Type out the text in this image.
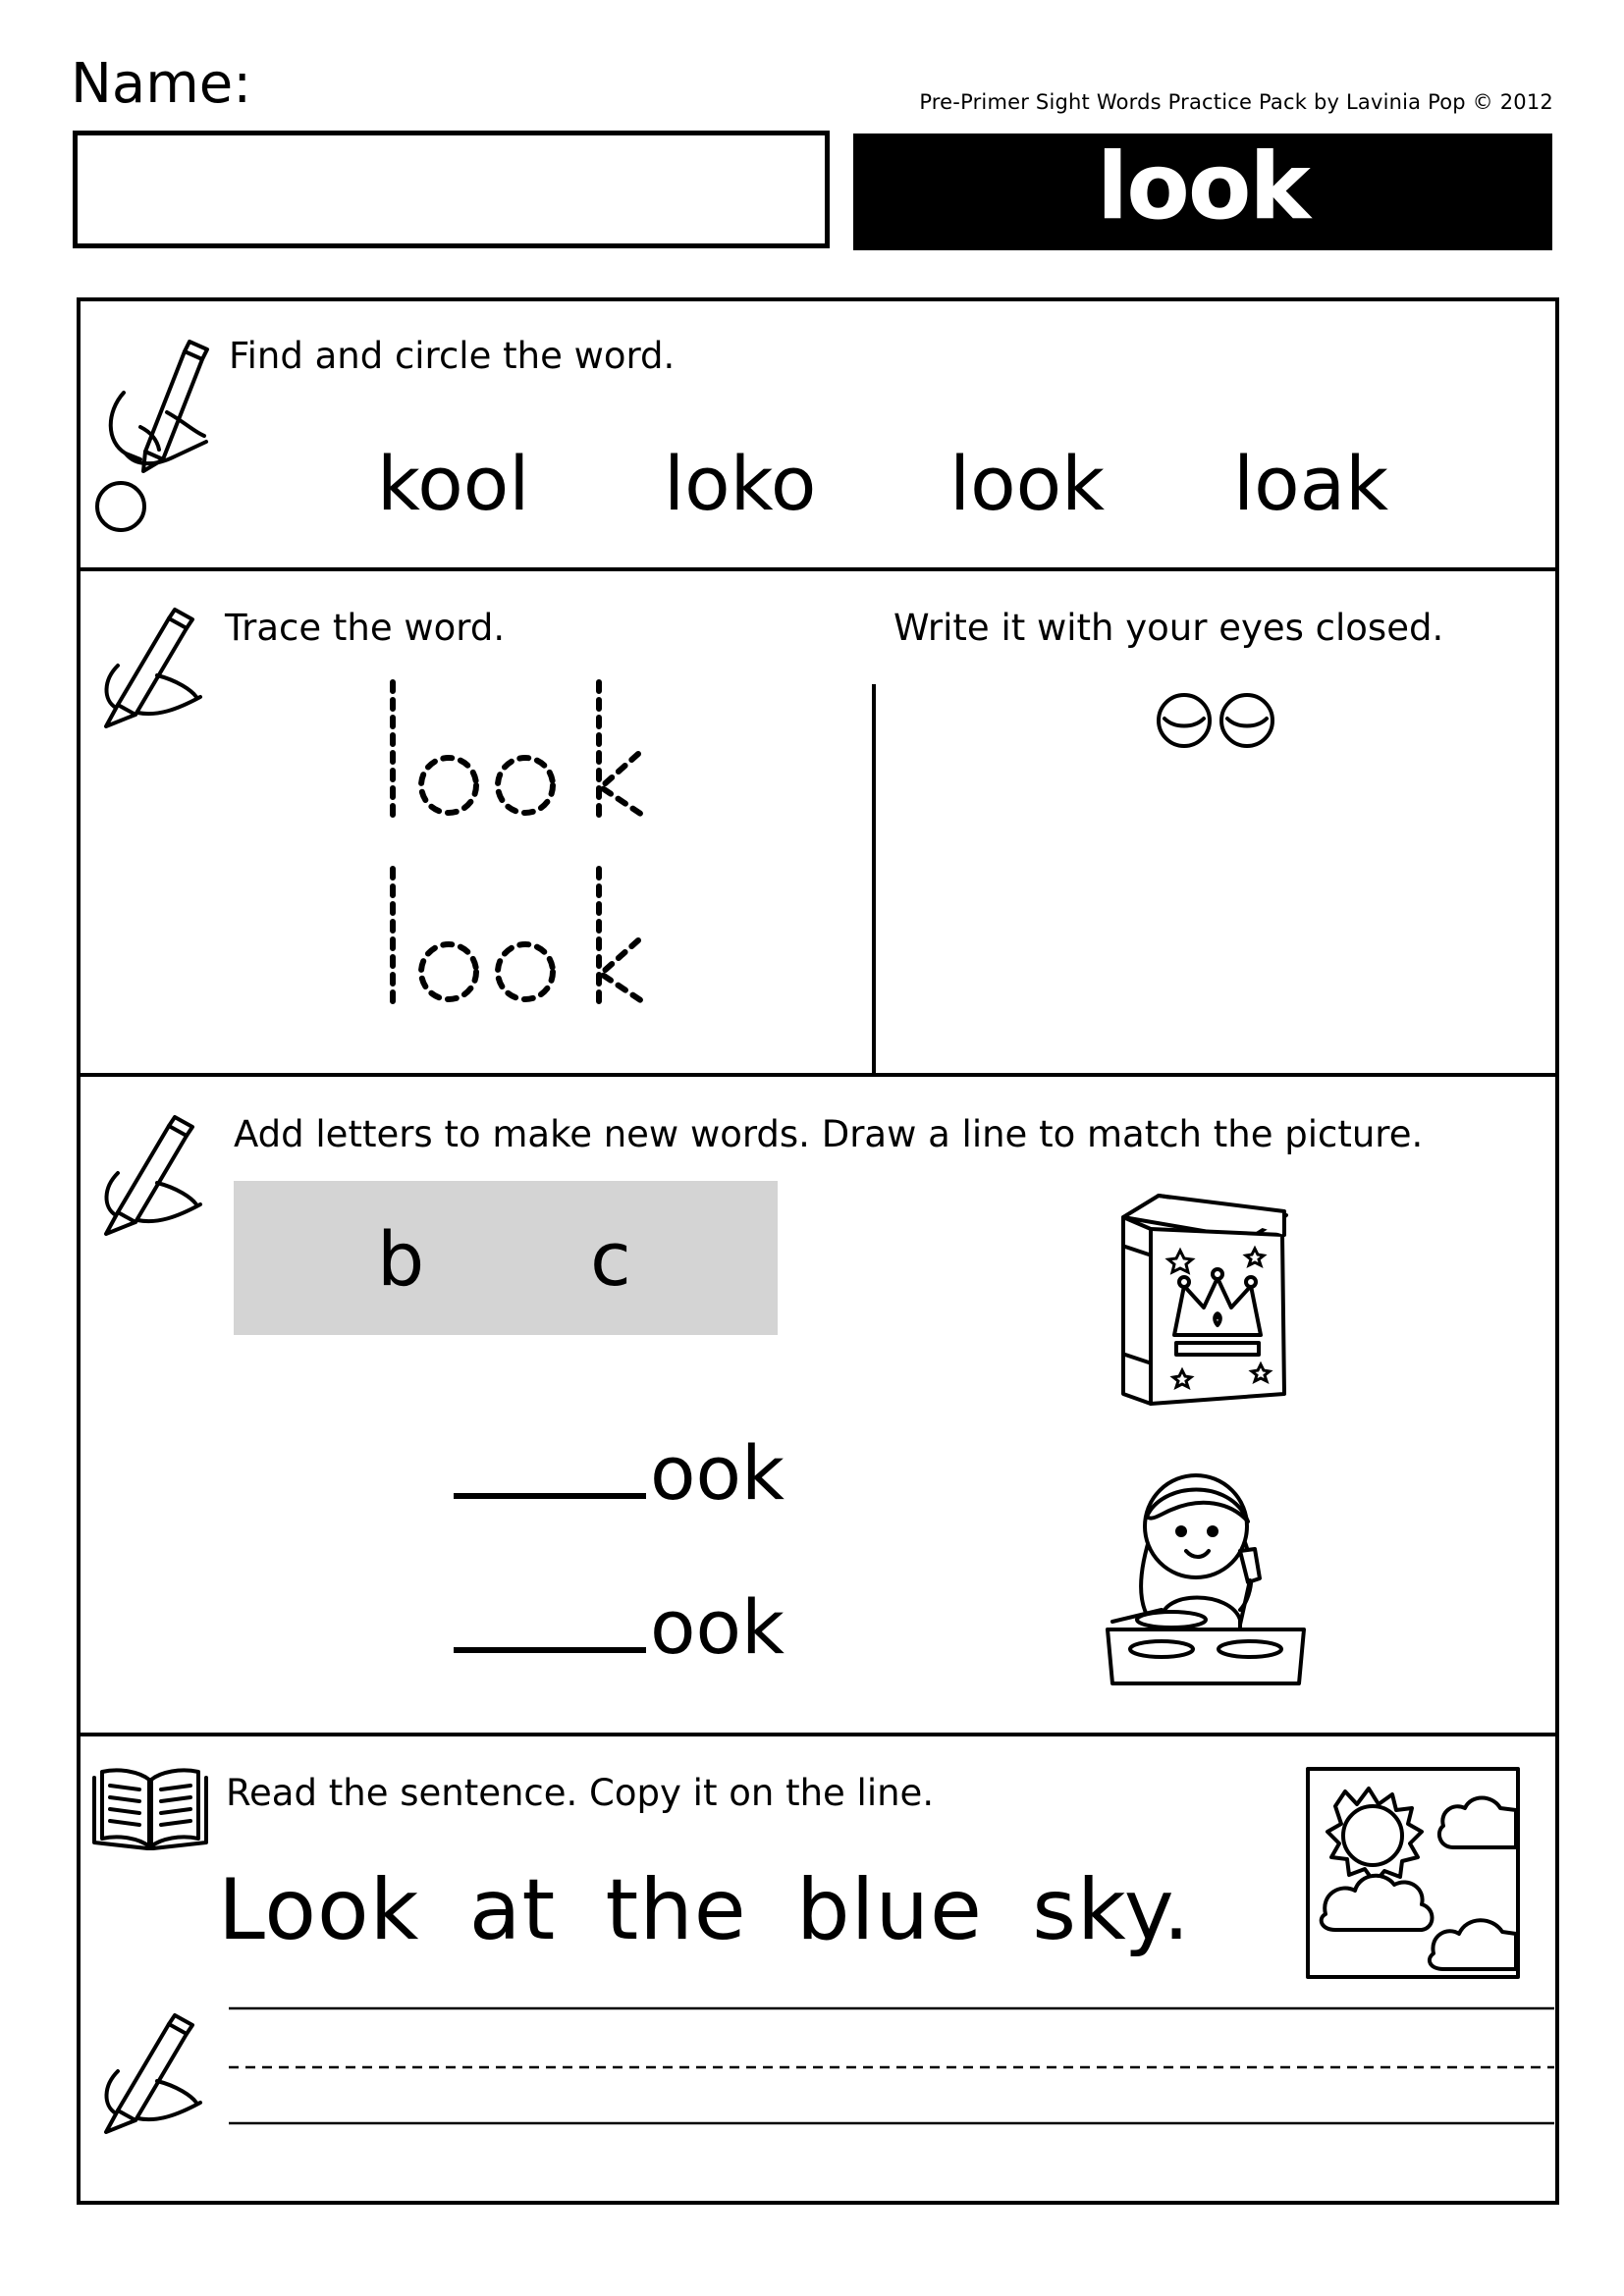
Name:	Pre-Primer Sight Words Practice Pack by Lavinia Pop © 2012
look
Find and circle the word.
kool loko look loak
Trace the word.	Write it with your eyes closed.
Add letters to make new words. Draw a line to match the picture.
b c
ook
ook
Read the sentence. Copy it on the line.
Look at the blue sky.
